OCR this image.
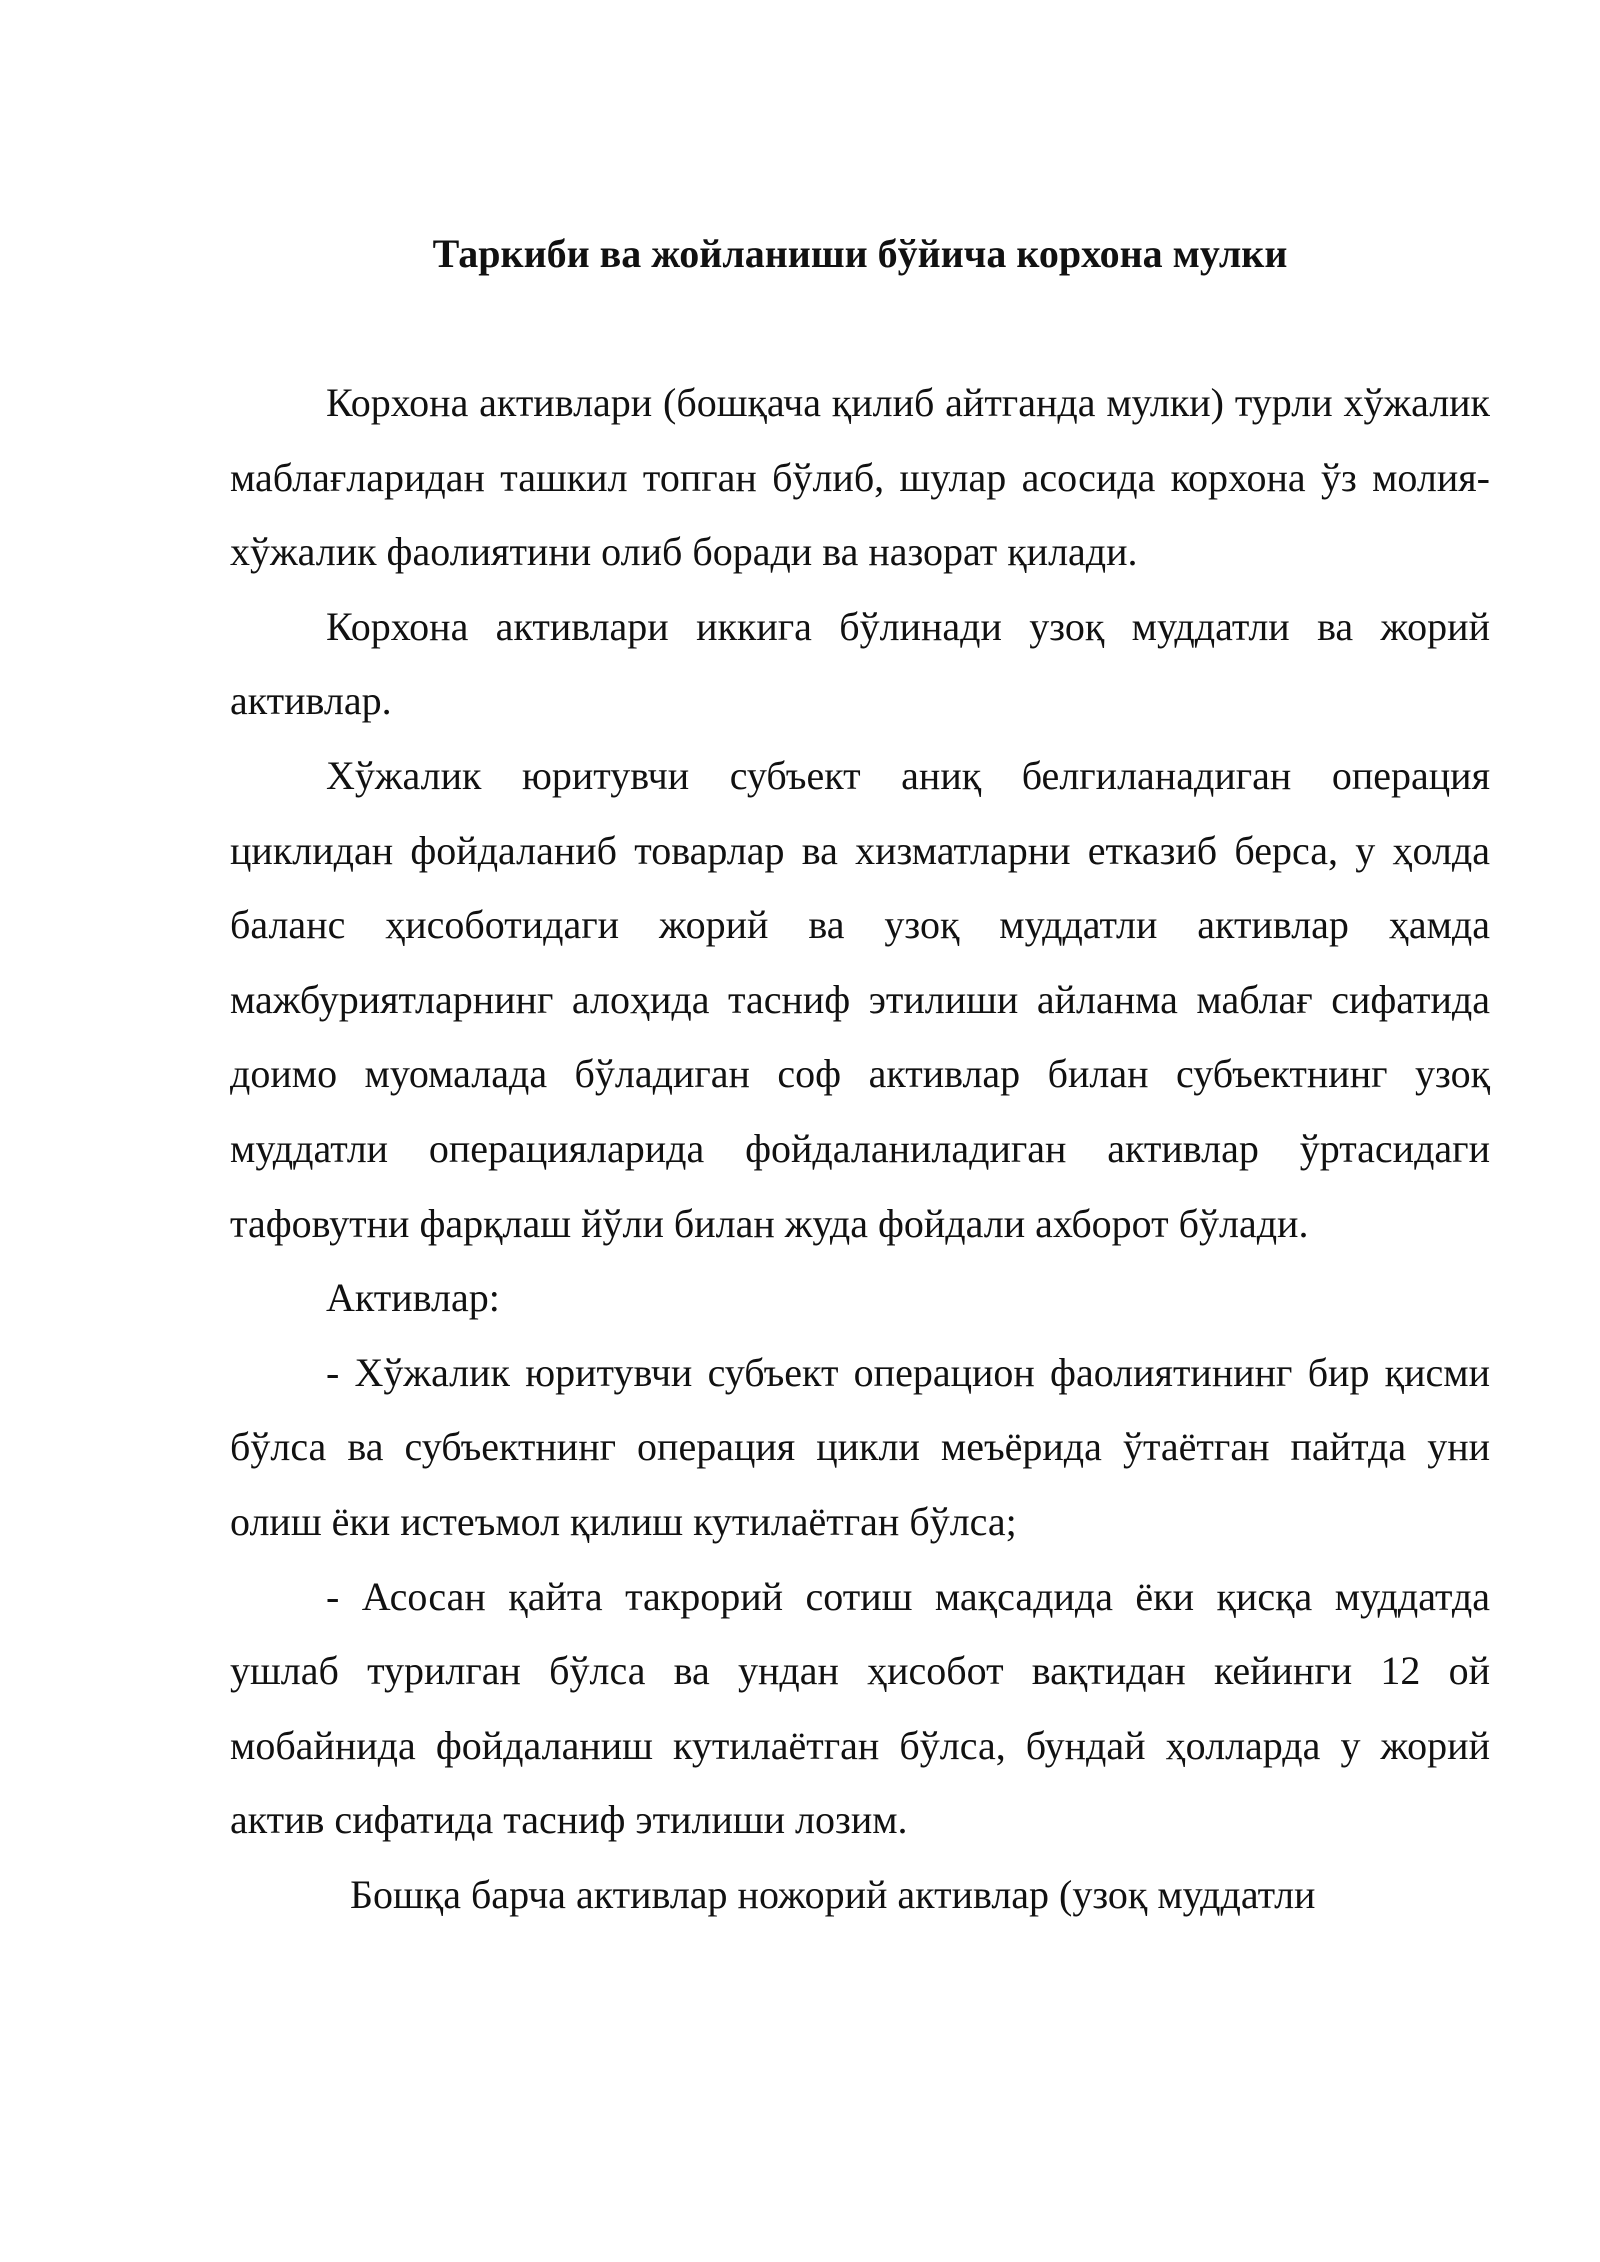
Таркиби ва жойланиши бўйича корхона мулки

Корхона активлари (бошқача қилиб айтганда мулки) турли хўжалик маблағларидан ташкил топган бўлиб, шулар асосида корхона ўз молия-хўжалик фаолиятини олиб боради ва назорат қилади.

Корхона активлари иккига бўлинади узоқ муддатли ва жорий активлар.

Хўжалик юритувчи субъект аниқ белгиланадиган операция циклидан фойдаланиб товарлар ва хизматларни етказиб берса, у ҳолда баланс ҳисоботидаги жорий ва узоқ муддатли активлар ҳамда мажбуриятларнинг алоҳида тасниф этилиши айланма маблағ сифатида доимо муомалада бўладиган соф активлар билан субъектнинг узоқ муддатли операцияларида фойдаланиладиган активлар ўртасидаги тафовутни фарқлаш йўли билан жуда фойдали ахборот бўлади.

Активлар:

- Хўжалик юритувчи субъект операцион фаолиятининг бир қисми бўлса ва субъектнинг операция цикли меъёрида ўтаётган пайтда уни олиш ёки истеъмол қилиш кутилаётган бўлса;

- Асосан қайта такрорий сотиш мақсадида ёки қисқа муддатда ушлаб турилган бўлса ва ундан ҳисобот вақтидан кейинги 12 ой мобайнида фойдаланиш кутилаётган бўлса, бундай ҳолларда у жорий актив сифатида тасниф этилиши лозим.

Бошқа барча активлар ножорий активлар (узоқ муддатли
